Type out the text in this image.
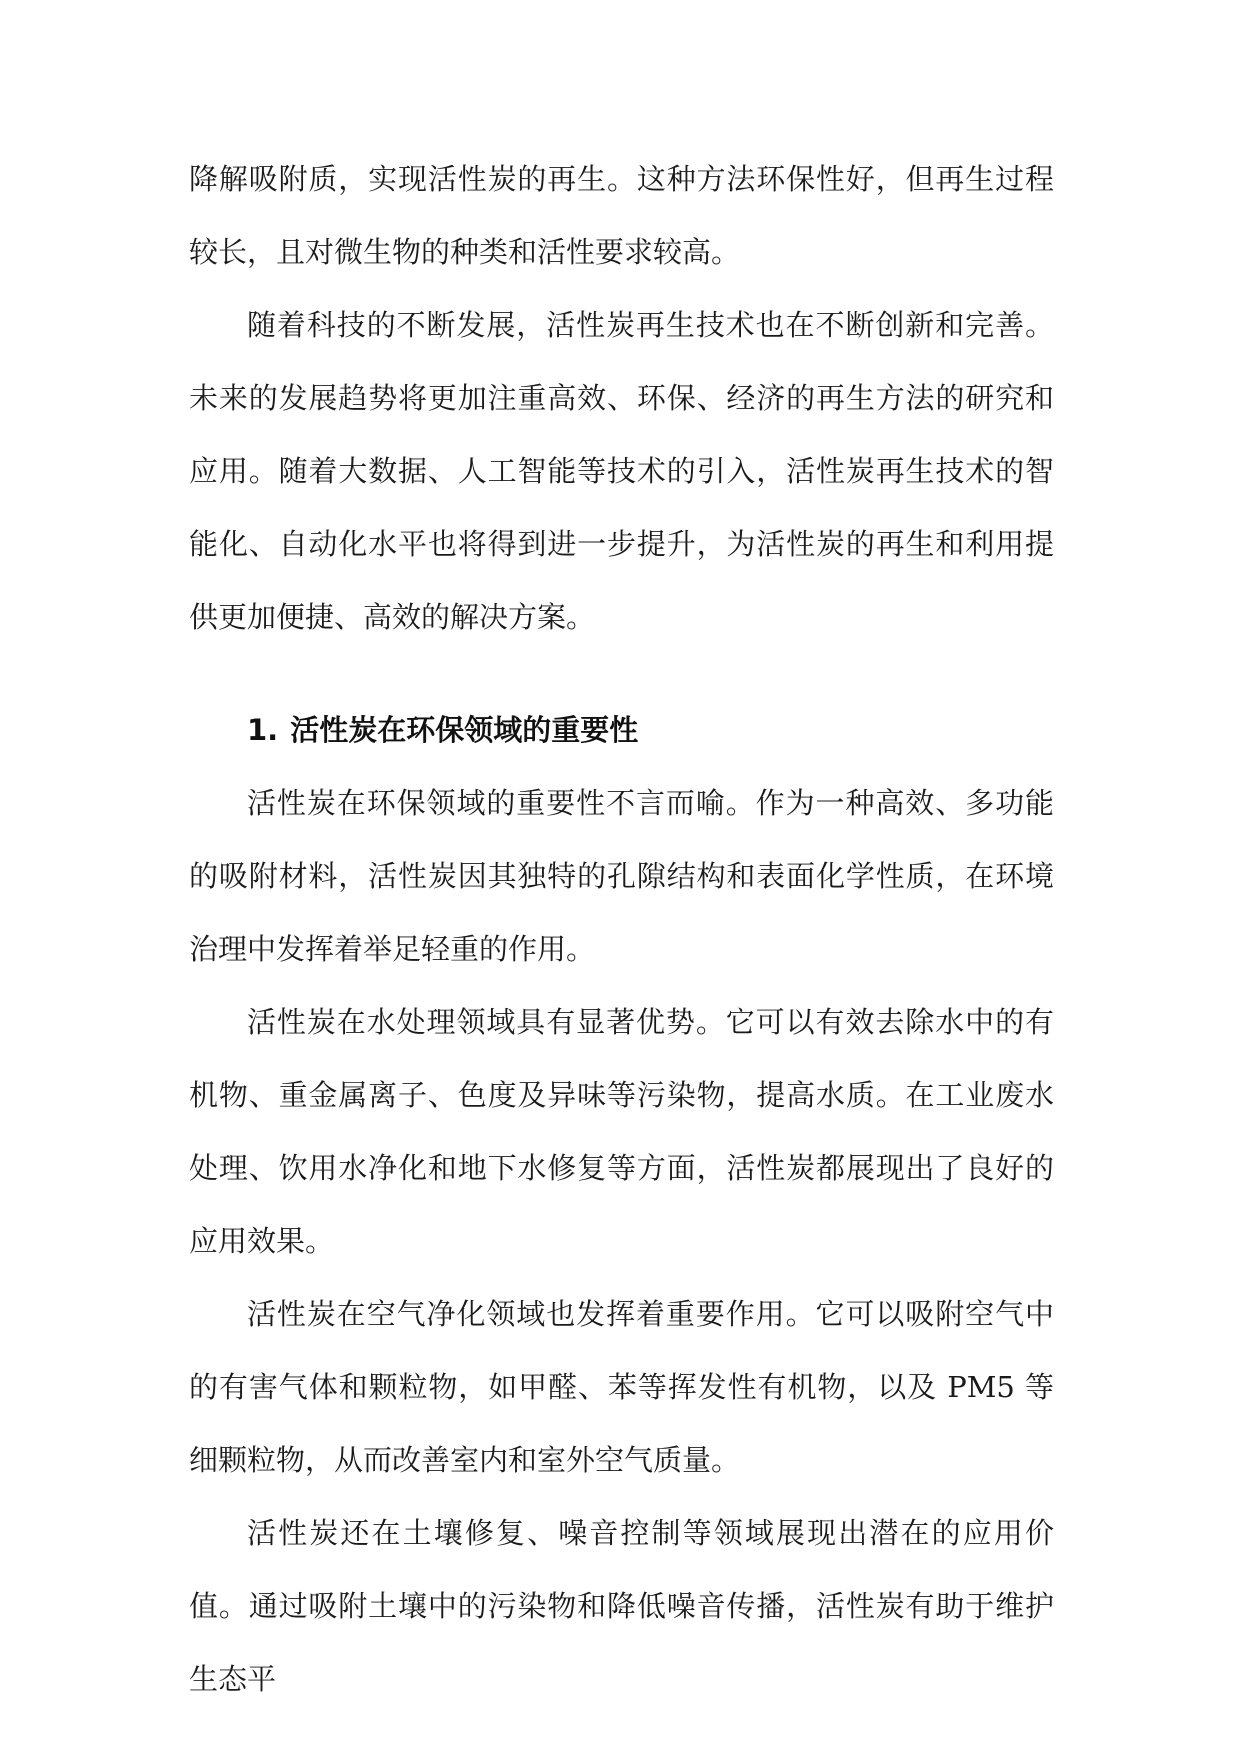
降解吸附质，实现活性炭的再生。这种方法环保性好，但再生过程较长，且对微生物的种类和活性要求较高。

随着科技的不断发展，活性炭再生技术也在不断创新和完善。未来的发展趋势将更加注重高效、环保、经济的再生方法的研究和应用。随着大数据、人工智能等技术的引入，活性炭再生技术的智能化、自动化水平也将得到进一步提升，为活性炭的再生和利用提供更加便捷、高效的解决方案。

1. 活性炭在环保领域的重要性

活性炭在环保领域的重要性不言而喻。作为一种高效、多功能的吸附材料，活性炭因其独特的孔隙结构和表面化学性质，在环境治理中发挥着举足轻重的作用。

活性炭在水处理领域具有显著优势。它可以有效去除水中的有机物、重金属离子、色度及异味等污染物，提高水质。在工业废水处理、饮用水净化和地下水修复等方面，活性炭都展现出了良好的应用效果。

活性炭在空气净化领域也发挥着重要作用。它可以吸附空气中的有害气体和颗粒物，如甲醛、苯等挥发性有机物，以及 PM5 等细颗粒物，从而改善室内和室外空气质量。

活性炭还在土壤修复、噪音控制等领域展现出潜在的应用价值。通过吸附土壤中的污染物和降低噪音传播，活性炭有助于维护生态平
